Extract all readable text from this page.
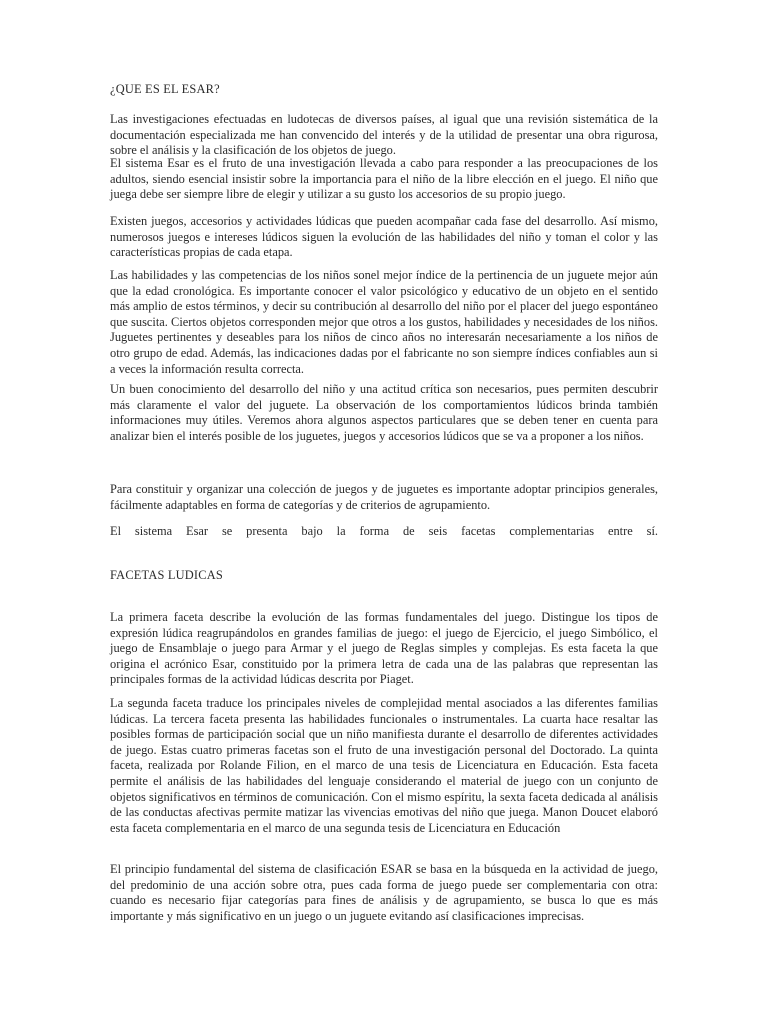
¿QUE ES EL ESAR?

Las investigaciones efectuadas en ludotecas de diversos países, al igual que una revisión sistemática de la documentación especializada me han convencido del interés y de la utilidad de presentar una obra rigurosa, sobre el análisis y la clasificación de los objetos de juego.

El sistema Esar es el fruto de una investigación llevada a cabo para responder a las preocupaciones de los adultos, siendo esencial insistir sobre la importancia para el niño de la libre elección en el juego. El niño que juega debe ser siempre libre de elegir y utilizar a su gusto los accesorios de su propio juego.

Existen juegos, accesorios y actividades lúdicas que pueden acompañar cada fase del desarrollo. Así mismo, numerosos juegos e intereses lúdicos siguen la evolución de las habilidades del niño y toman el color y las características propias de cada etapa.

Las habilidades y las competencias de los niños sonel mejor índice de la pertinencia de un juguete mejor aún que la edad cronológica. Es importante conocer el valor psicológico y educativo de un objeto en el sentido más amplio de estos términos, y decir su contribución al desarrollo del niño por el placer del juego espontáneo que suscita. Ciertos objetos corresponden mejor que otros a los gustos, habilidades y necesidades de los niños. Juguetes pertinentes y deseables para los niños de cinco años no interesarán necesariamente a los niños de otro grupo de edad. Además, las indicaciones dadas por el fabricante no son siempre índices confiables aun si a veces la información resulta correcta.

Un buen conocimiento del desarrollo del niño y una actitud crítica son necesarios, pues permiten descubrir más claramente el valor del juguete. La observación de los comportamientos lúdicos brinda también informaciones muy útiles. Veremos ahora algunos aspectos particulares que se deben tener en cuenta para analizar bien el interés posible de los juguetes, juegos y accesorios lúdicos que se va a proponer a los niños.

Para constituir y organizar una colección de juegos y de juguetes es importante adoptar principios generales, fácilmente adaptables en forma de categorías y de criterios de agrupamiento.

El sistema Esar se presenta bajo la forma de seis facetas complementarias entre sí.

FACETAS LUDICAS

La primera faceta describe la evolución de las formas fundamentales del juego. Distingue los tipos de expresión lúdica reagrupándolos en grandes familias de juego: el juego de Ejercicio, el juego Simbólico, el juego de Ensamblaje o juego para Armar y el juego de Reglas simples y complejas. Es esta faceta la que origina el acrónico Esar, constituido por la primera letra de cada una de las palabras que representan las principales formas de la actividad lúdicas descrita por Piaget.

La segunda faceta traduce los principales niveles de complejidad mental asociados a las diferentes familias lúdicas. La tercera faceta presenta las habilidades funcionales o instrumentales. La cuarta hace resaltar las posibles formas de participación social que un niño manifiesta durante el desarrollo de diferentes actividades de juego. Estas cuatro primeras facetas son el fruto de una investigación personal del Doctorado. La quinta faceta, realizada por Rolande Filion, en el marco de una tesis de Licenciatura en Educación. Esta faceta permite el análisis de las habilidades del lenguaje considerando el material de juego con un conjunto de objetos significativos en términos de comunicación. Con el mismo espíritu, la sexta faceta dedicada al análisis de las conductas afectivas permite matizar las vivencias emotivas del niño que juega. Manon Doucet elaboró esta faceta complementaria en el marco de una segunda tesis de Licenciatura en Educación

El principio fundamental del sistema de clasificación ESAR se basa en la búsqueda en la actividad de juego, del predominio de una acción sobre otra, pues cada forma de juego puede ser complementaria con otra: cuando es necesario fijar categorías para fines de análisis y de agrupamiento, se busca lo que es más importante y más significativo en un juego o un juguete evitando así clasificaciones imprecisas.
